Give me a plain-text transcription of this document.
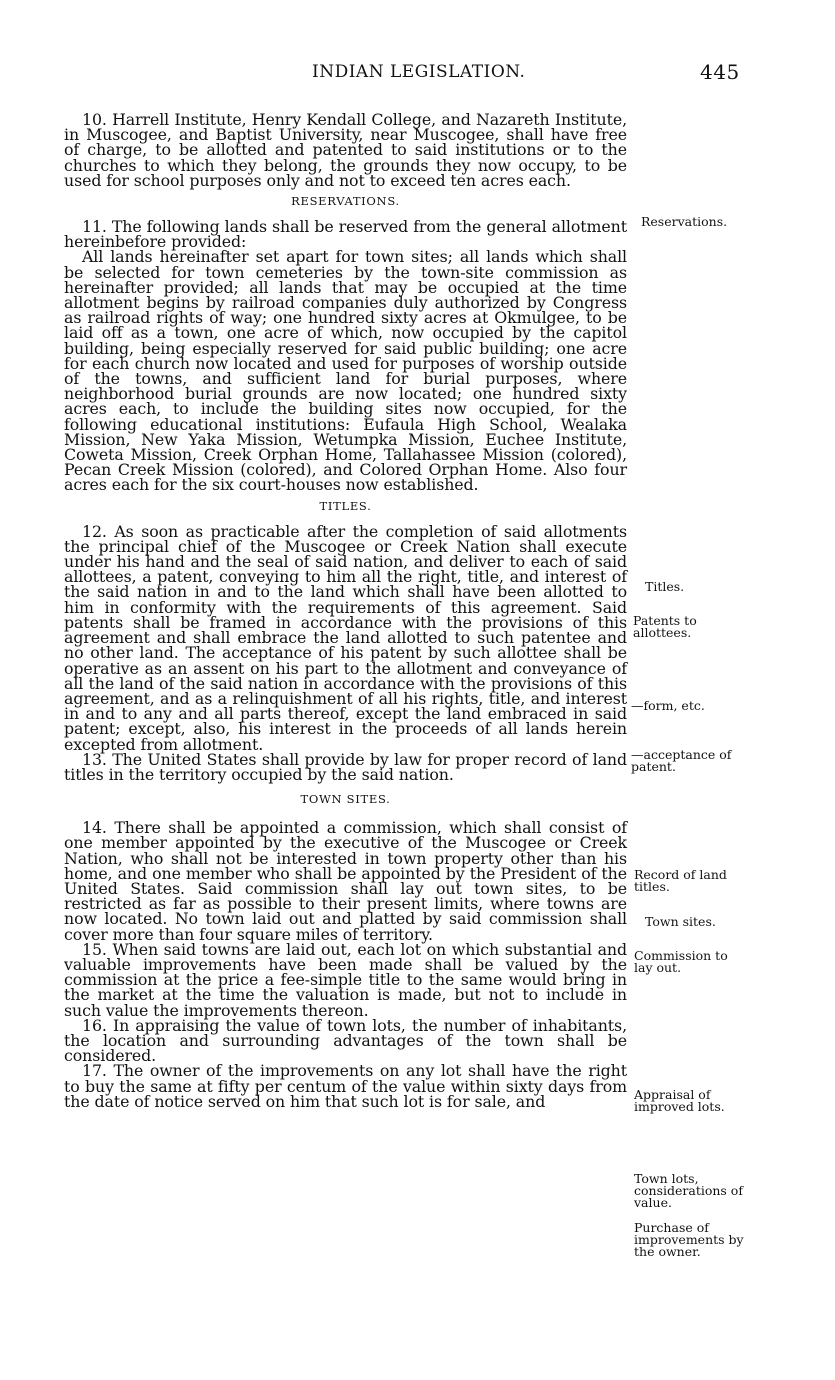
INDIAN LEGISLATION.	445

10. Harrell Institute, Henry Kendall College, and Nazareth Institute, in Muscogee, and Baptist University, near Muscogee, shall have free of charge, to be allotted and patented to said institutions or to the churches to which they belong, the grounds they now occupy, to be used for school purposes only and not to exceed ten acres each.

RESERVATIONS.

11. The following lands shall be reserved from the general allotment hereinbefore provided:

All lands hereinafter set apart for town sites; all lands which shall be selected for town cemeteries by the town-site commission as hereinafter provided; all lands that may be occupied at the time allotment begins by railroad companies duly authorized by Congress as railroad rights of way; one hundred sixty acres at Okmulgee, to be laid off as a town, one acre of which, now occupied by the capitol building, being especially reserved for said public building; one acre for each church now located and used for purposes of worship outside of the towns, and sufficient land for burial purposes, where neighborhood burial grounds are now located; one hundred sixty acres each, to include the building sites now occupied, for the following educational institutions: Eufaula High School, Wealaka Mission, New Yaka Mission, Wetumpka Mission, Euchee Institute, Coweta Mission, Creek Orphan Home, Tallahassee Mission (colored), Pecan Creek Mission (colored), and Colored Orphan Home. Also four acres each for the six court-houses now established.

TITLES.

12. As soon as practicable after the completion of said allotments the principal chief of the Muscogee or Creek Nation shall execute under his hand and the seal of said nation, and deliver to each of said allottees, a patent, conveying to him all the right, title, and interest of the said nation in and to the land which shall have been allotted to him in conformity with the requirements of this agreement. Said patents shall be framed in accordance with the provisions of this agreement and shall embrace the land allotted to such patentee and no other land. The acceptance of his patent by such allottee shall be operative as an assent on his part to the allotment and conveyance of all the land of the said nation in accordance with the provisions of this agreement, and as a relinquishment of all his rights, title, and interest in and to any and all parts thereof, except the land embraced in said patent; except, also, his interest in the proceeds of all lands herein excepted from allotment.

13. The United States shall provide by law for proper record of land titles in the territory occupied by the said nation.

TOWN SITES.

14. There shall be appointed a commission, which shall consist of one member appointed by the executive of the Muscogee or Creek Nation, who shall not be interested in town property other than his home, and one member who shall be appointed by the President of the United States. Said commission shall lay out town sites, to be restricted as far as possible to their present limits, where towns are now located. No town laid out and platted by said commission shall cover more than four square miles of territory.

15. When said towns are laid out, each lot on which substantial and valuable improvements have been made shall be valued by the commission at the price a fee-simple title to the same would bring in the market at the time the valuation is made, but not to include in such value the improvements thereon.

16. In appraising the value of town lots, the number of inhabitants, the location and surrounding advantages of the town shall be considered.

17. The owner of the improvements on any lot shall have the right to buy the same at fifty per centum of the value within sixty days from the date of notice served on him that such lot is for sale, and

Reservations.

Titles.

Patents to allottees.

—form, etc.

—acceptance of patent.

Record of land titles.

Town sites.

Commission to lay out.

Appraisal of improved lots.

Town lots, considerations of value.

Purchase of improvements by the owner.
